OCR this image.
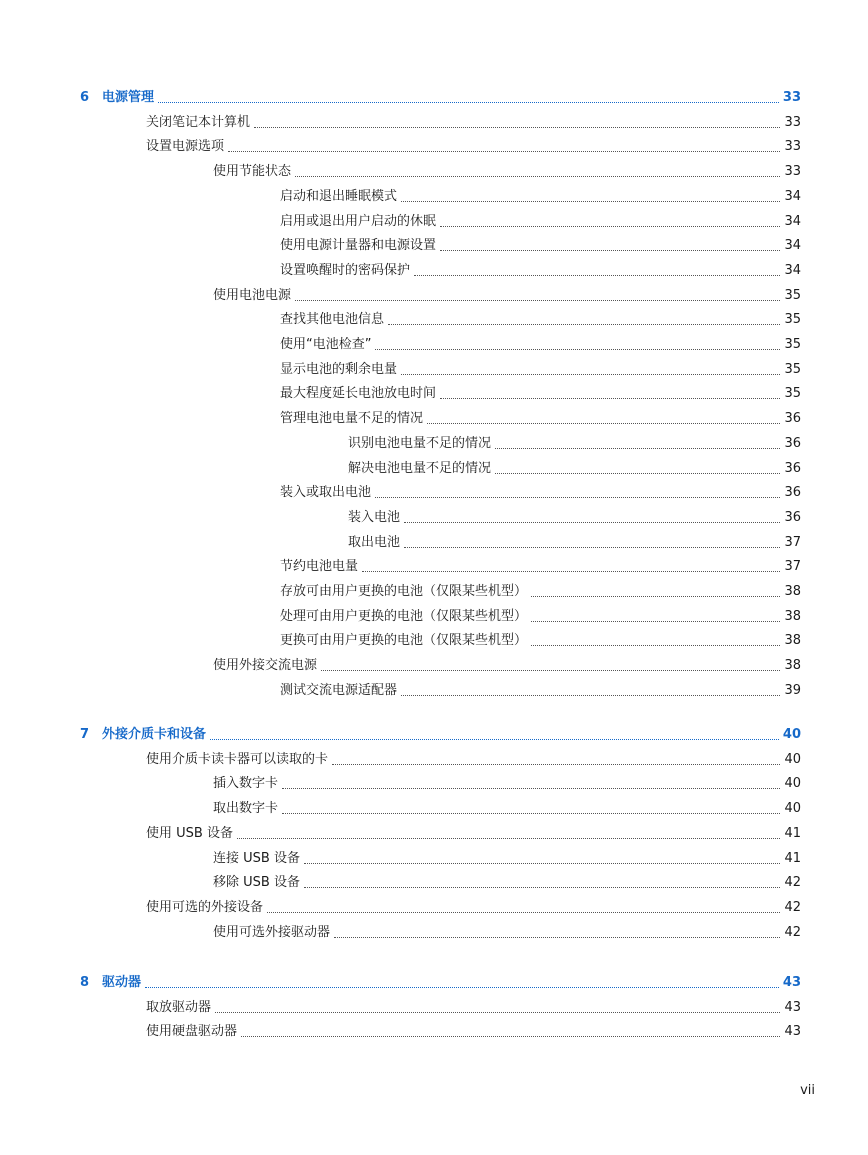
6 电源管理	33
关闭笔记本计算机	33
设置电源选项	33
使用节能状态	33
启动和退出睡眠模式	34
启用或退出用户启动的休眠	34
使用电源计量器和电源设置	34
设置唤醒时的密码保护	34
使用电池电源	35
查找其他电池信息	35
使用“电池检查”	35
显示电池的剩余电量	35
最大程度延长电池放电时间	35
管理电池电量不足的情况	36
识别电池电量不足的情况	36
解决电池电量不足的情况	36
装入或取出电池	36
装入电池	36
取出电池	37
节约电池电量	37
存放可由用户更换的电池（仅限某些机型）	38
处理可由用户更换的电池（仅限某些机型）	38
更换可由用户更换的电池（仅限某些机型）	38
使用外接交流电源	38
测试交流电源适配器	39
7 外接介质卡和设备	40
使用介质卡读卡器可以读取的卡	40
插入数字卡	40
取出数字卡	40
使用 USB 设备	41
连接 USB 设备	41
移除 USB 设备	42
使用可选的外接设备	42
使用可选外接驱动器	42
8 驱动器	43
取放驱动器	43
使用硬盘驱动器	43
vii
